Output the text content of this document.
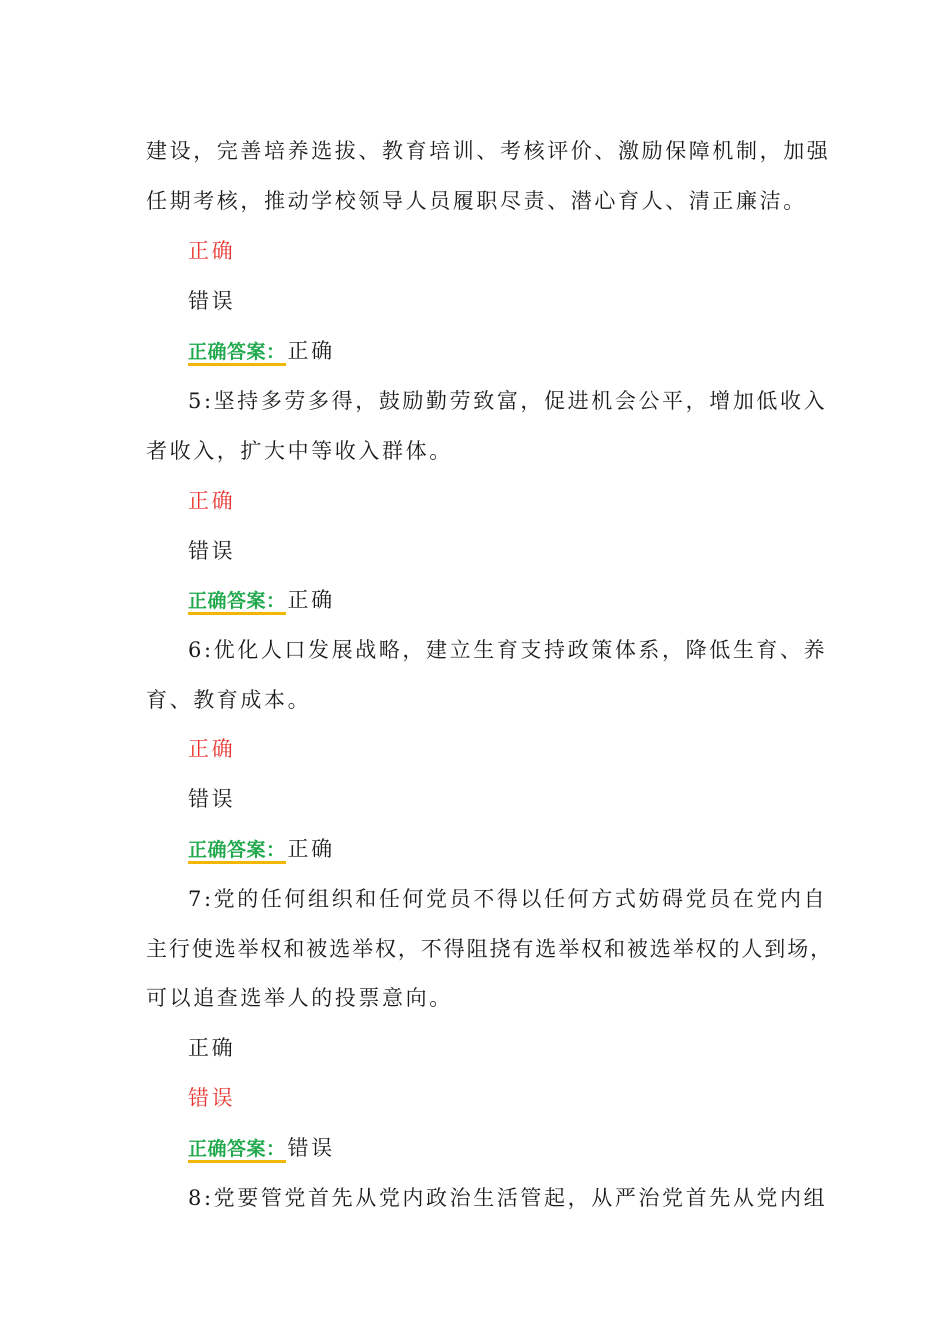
建设，完善培养选拔、教育培训、考核评价、激励保障机制，加强
任期考核，推动学校领导人员履职尽责、潜心育人、清正廉洁。
正确
错误
正确答案：正确
5:坚持多劳多得，鼓励勤劳致富，促进机会公平，增加低收入
者收入，扩大中等收入群体。
正确
错误
正确答案：正确
6:优化人口发展战略，建立生育支持政策体系，降低生育、养
育、教育成本。
正确
错误
正确答案：正确
7:党的任何组织和任何党员不得以任何方式妨碍党员在党内自
主行使选举权和被选举权，不得阻挠有选举权和被选举权的人到场，
可以追查选举人的投票意向。
正确
错误
正确答案：错误
8:党要管党首先从党内政治生活管起，从严治党首先从党内组
